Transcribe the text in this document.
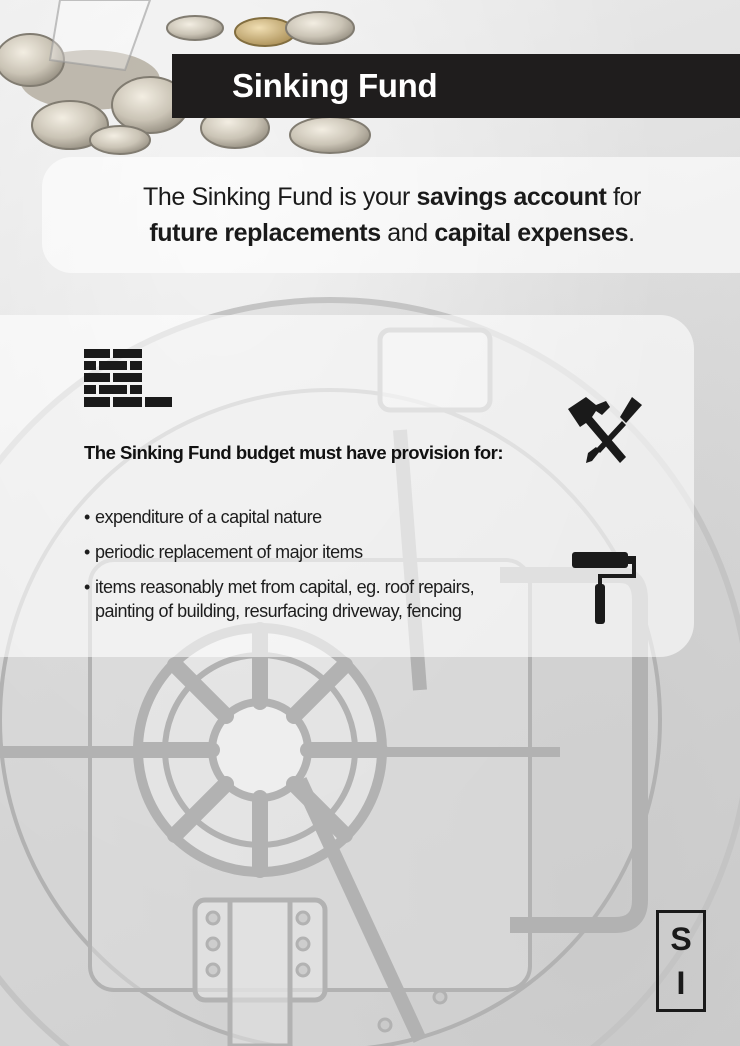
Sinking Fund
The Sinking Fund is your savings account for
future replacements and capital expenses.
The Sinking Fund budget must have provision for:
• expenditure of a capital nature
• periodic replacement of major items
• items reasonably met from capital, eg. roof repairs,
painting of building, resurfacing driveway, fencing
S
I
